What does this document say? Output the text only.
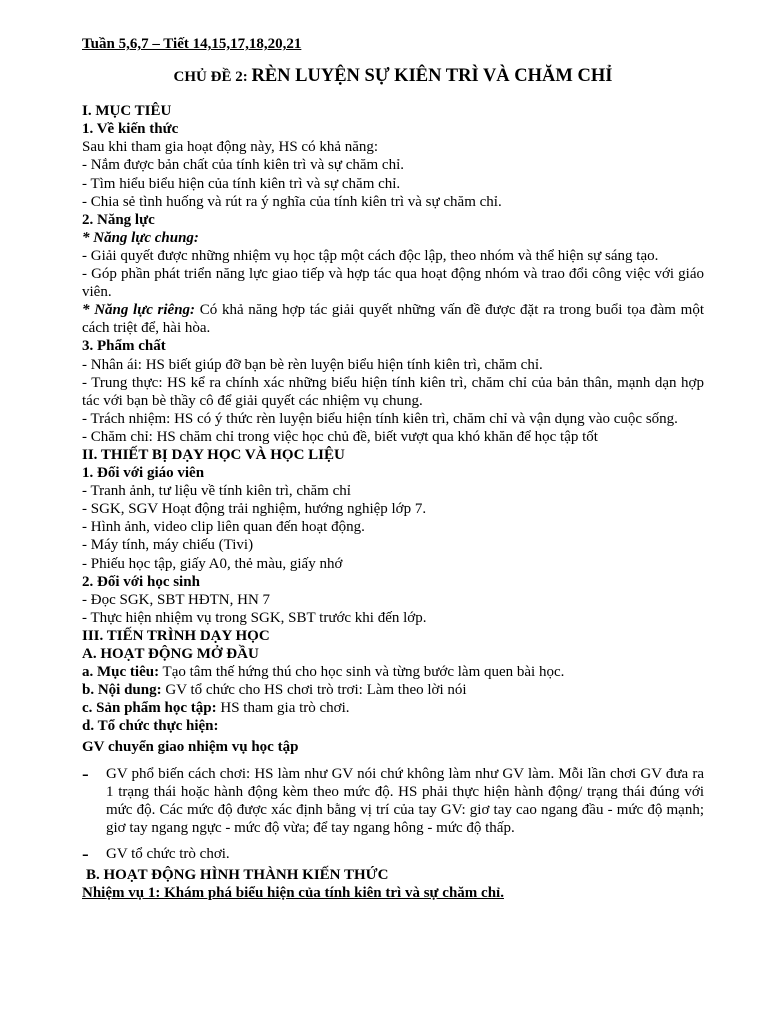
Tuần 5,6,7 – Tiết 14,15,17,18,20,21

CHỦ ĐỀ 2: RÈN LUYỆN SỰ KIÊN TRÌ VÀ CHĂM CHỈ

I. MỤC TIÊU

1. Về kiến thức

Sau khi tham gia hoạt động này, HS có khả năng:

- Nắm được bản chất của tính kiên trì và sự chăm chỉ.

- Tìm hiểu biểu hiện của tính kiên trì và sự chăm chỉ.

- Chia sẻ tình huống và rút ra ý nghĩa của tính kiên trì và sự chăm chỉ.

2. Năng lực

* Năng lực chung:

- Giải quyết được những nhiệm vụ học tập một cách độc lập, theo nhóm và thể hiện sự sáng tạo.

- Góp phần phát triển năng lực giao tiếp và hợp tác qua hoạt động nhóm và trao đổi công việc với giáo viên.

* Năng lực riêng: Có khả năng hợp tác giải quyết những vấn đề được đặt ra trong buổi tọa đàm một cách triệt để, hài hòa.

3. Phẩm chất

- Nhân ái: HS biết giúp đỡ bạn bè rèn luyện biểu hiện tính kiên trì, chăm chỉ.

- Trung thực: HS kể ra chính xác những biểu hiện tính kiên trì, chăm chỉ của bản thân, mạnh dạn hợp tác với bạn bè thầy cô để giải quyết các nhiệm vụ chung.

- Trách nhiệm: HS có ý thức rèn luyện biểu hiện tính kiên trì, chăm chỉ và vận dụng vào cuộc sống.

- Chăm chỉ: HS chăm chỉ trong việc học chủ đề, biết vượt qua khó khăn để học tập tốt

II. THIẾT BỊ DẠY HỌC VÀ HỌC LIỆU

1. Đối với giáo viên

- Tranh ảnh, tư liệu về tính kiên trì, chăm chỉ

- SGK, SGV Hoạt động trải nghiệm, hướng nghiệp lớp 7.

- Hình ảnh, video clip liên quan đến hoạt động.

- Máy tính, máy chiếu (Tivi)

- Phiếu học tập, giấy A0, thẻ màu, giấy nhớ

2. Đối với học sinh

- Đọc SGK, SBT HĐTN, HN 7

- Thực hiện nhiệm vụ trong SGK, SBT trước khi đến lớp.

III. TIẾN TRÌNH DẠY HỌC

A. HOẠT ĐỘNG MỞ ĐẦU

a. Mục tiêu: Tạo tâm thế hứng thú cho học sinh và từng bước làm quen bài học.

b. Nội dung: GV tổ chức cho HS chơi trò trơi: Làm theo lời nói

c. Sản phẩm học tập: HS tham gia trò chơi.

d. Tổ chức thực hiện:

GV chuyển giao nhiệm vụ học tập

-	GV phổ biến cách chơi: HS làm như GV nói chứ không làm như GV làm. Mỗi lần chơi GV đưa ra 1 trạng thái hoặc hành động kèm theo mức độ. HS phải thực hiện hành động/ trạng thái đúng với mức độ. Các mức độ được xác định bằng vị trí của tay GV: giơ tay cao ngang đầu - mức độ mạnh; giơ tay ngang ngực - mức độ vừa; để tay ngang hông - mức độ thấp.
-	GV tổ chức trò chơi.

B. HOẠT ĐỘNG HÌNH THÀNH KIẾN THỨC

Nhiệm vụ 1: Khám phá biểu hiện của tính kiên trì và sự chăm chỉ.
